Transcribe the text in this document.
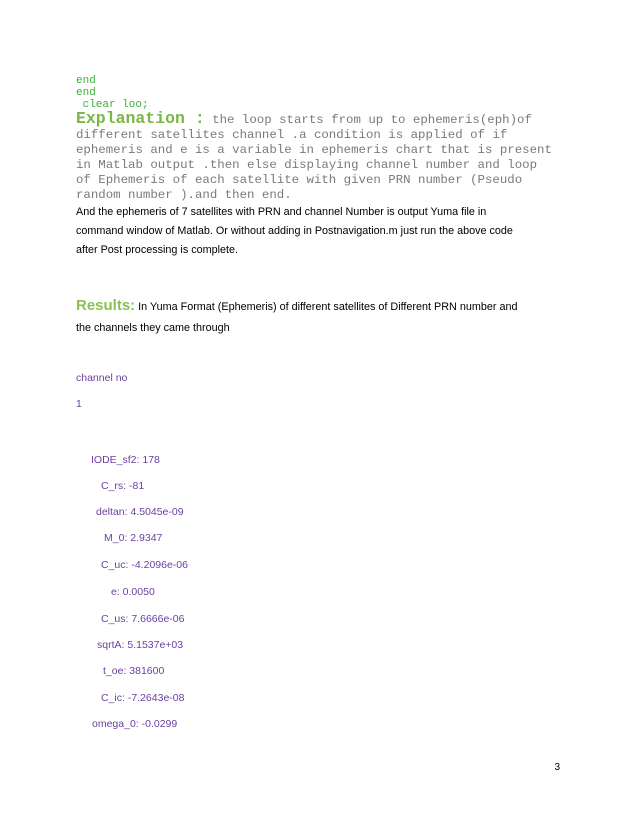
end
end
clear loo;
Explanation : the loop starts from up to ephemeris(eph)of
different satellites channel .a condition is applied of if
ephemeris and e is a variable in ephemeris chart that is present
in Matlab output .then else displaying channel number and loop
of Ephemeris of each satellite with given PRN number (Pseudo
random number ).and then end.
And the ephemeris of 7 satellites with PRN and channel Number is output Yuma file in
command window of Matlab. Or without adding in Postnavigation.m just run the above code
after Post processing is complete.
Results: In Yuma Format (Ephemeris) of different satellites of Different PRN number and
the channels they came through
channel no
1
IODE_sf2: 178
C_rs: -81
deltan: 4.5045e-09
M_0: 2.9347
C_uc: -4.2096e-06
e: 0.0050
C_us: 7.6666e-06
sqrtA: 5.1537e+03
t_oe: 381600
C_ic: -7.2643e-08
omega_0: -0.0299
3
